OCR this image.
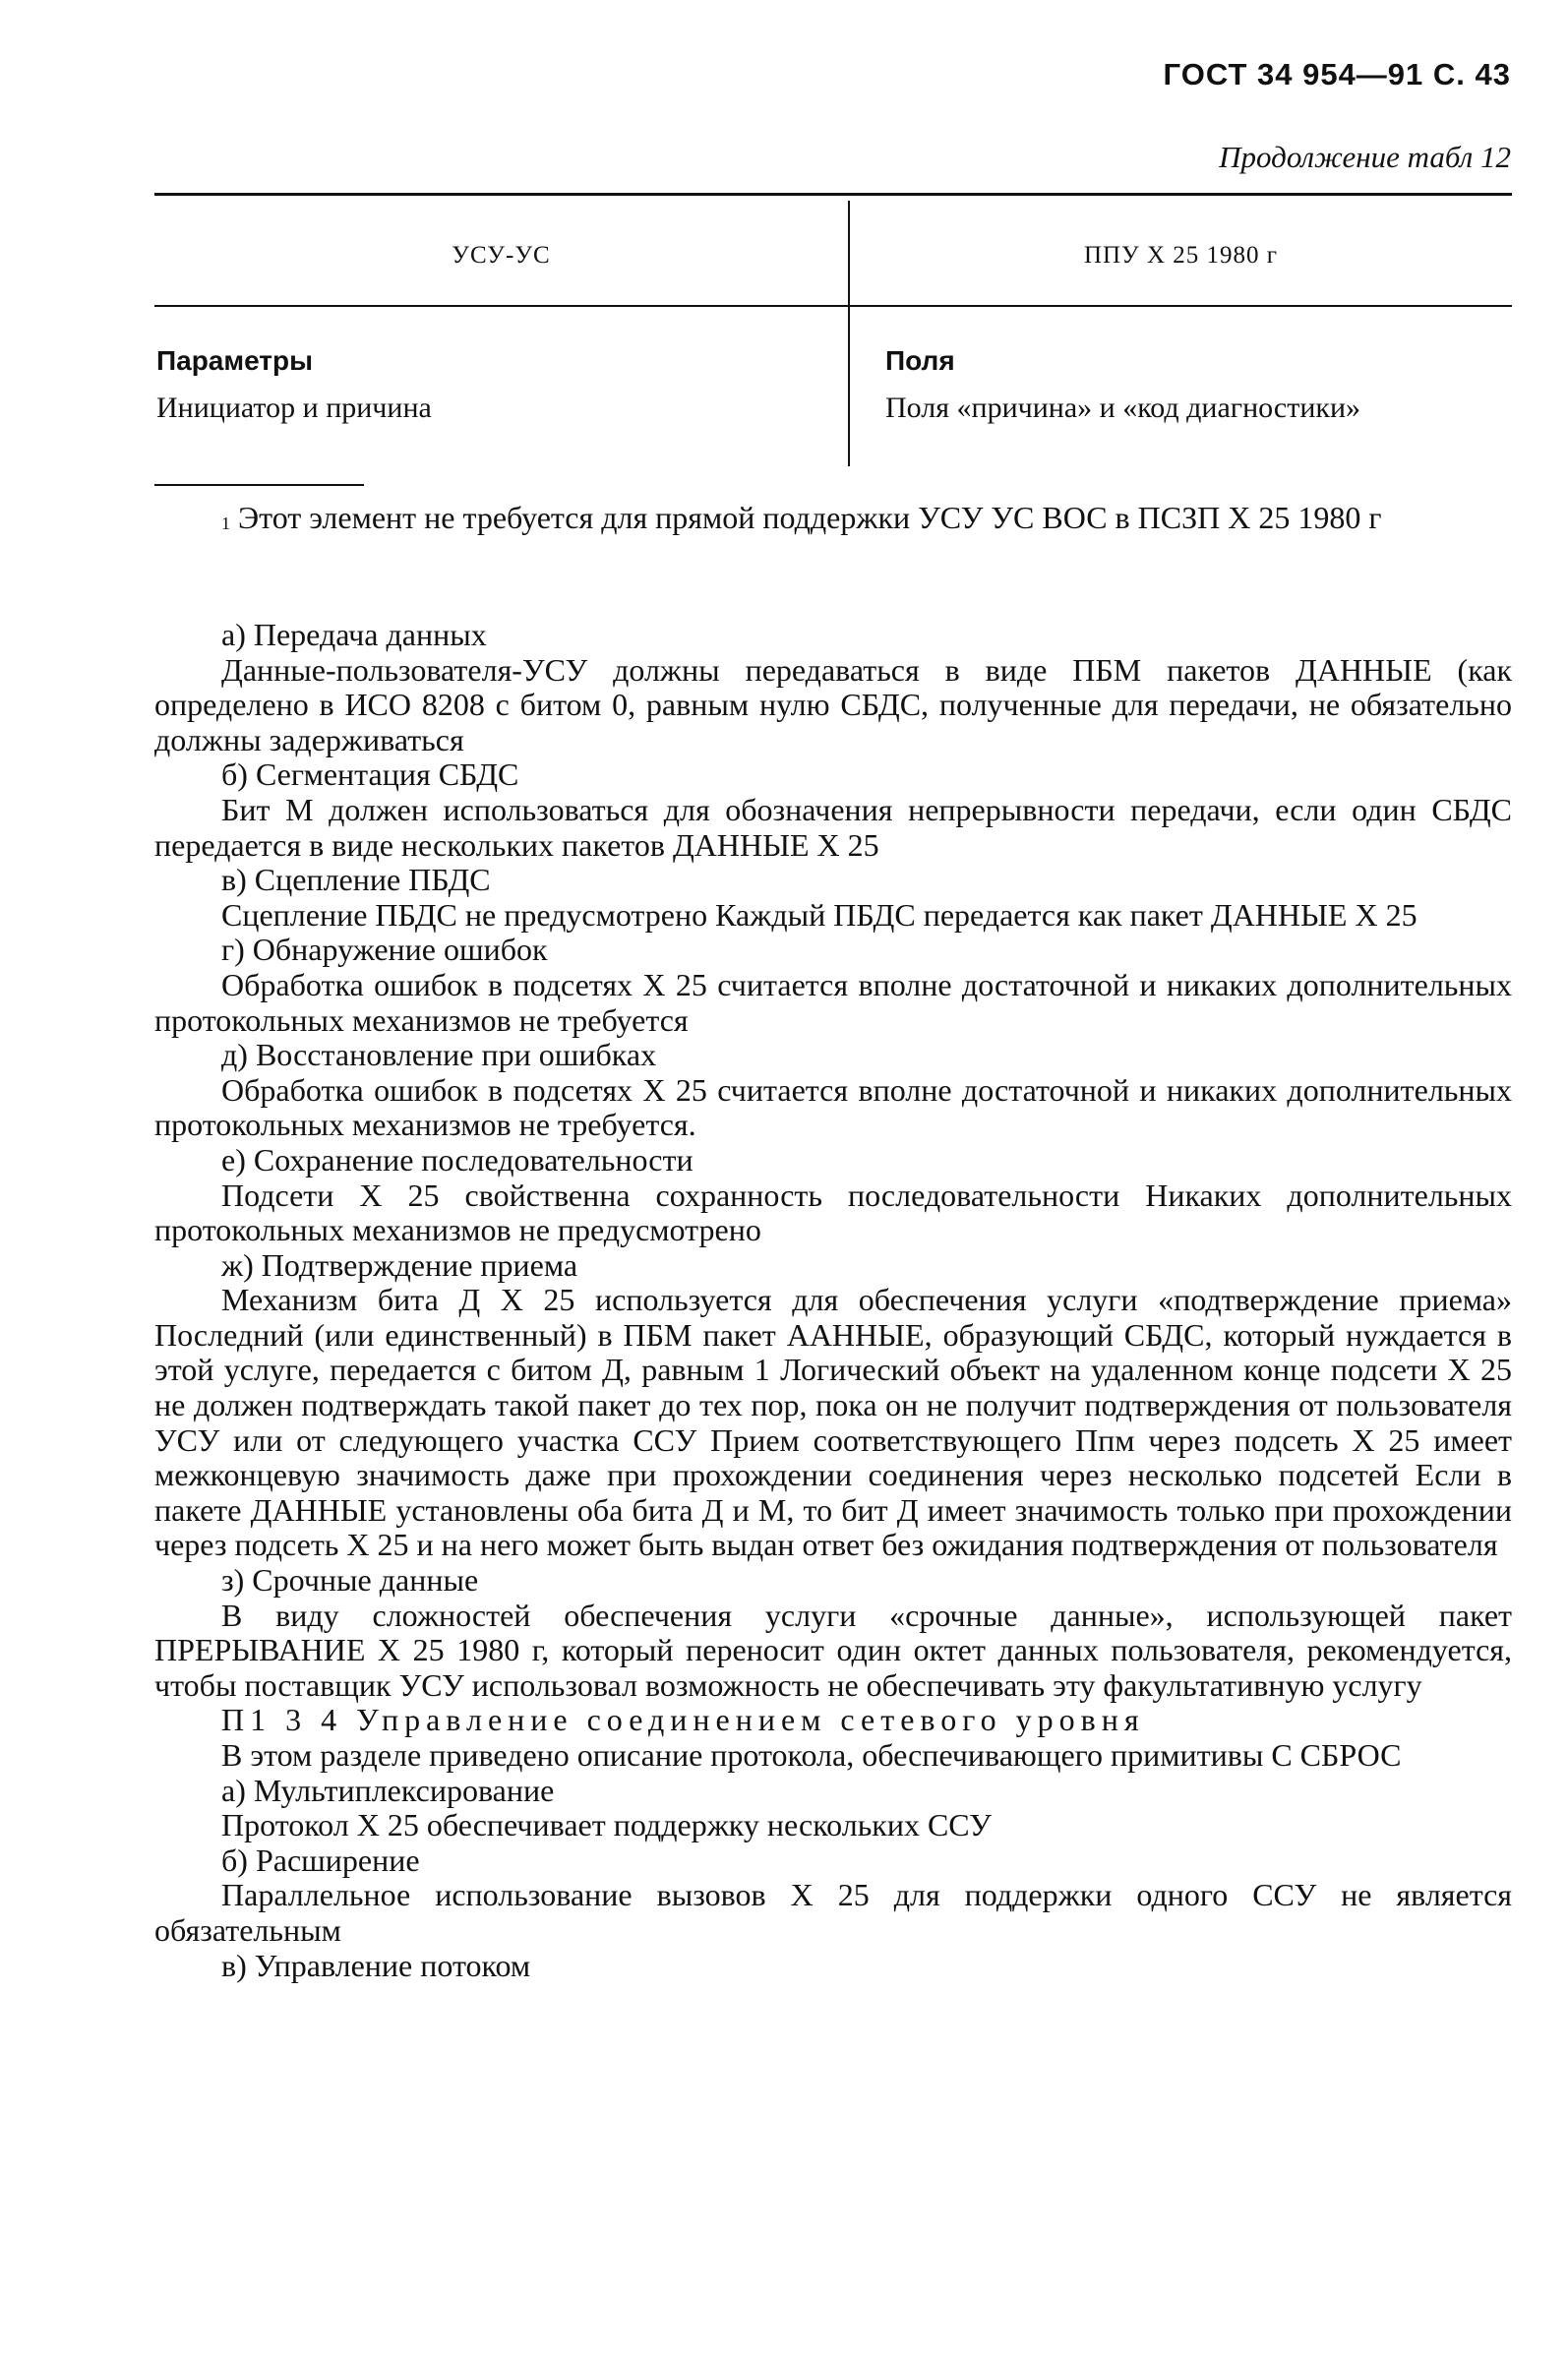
ГОСТ 34 954—91 С. 43
Продолжение табл 12
УСУ-УС	ППУ X 25 1980 г
Параметры
Инициатор и причина
Поля
Поля «причина» и «код диагностики»
$^1$ Этот элемент не требуется для прямой поддержки УСУ УС ВОС в ПСЗП X 25 1980 г

а) Передача данных

Данные-пользователя-УСУ должны передаваться в виде ПБМ пакетов ДАННЫЕ (как определено в ИСО 8208 с битом 0, равным нулю СБДС, полученные для передачи, не обязательно должны задерживаться

б) Сегментация СБДС

Бит М должен использоваться для обозначения непрерывности передачи, если один СБДС передается в виде нескольких пакетов ДАННЫЕ X 25

в) Сцепление ПБДС

Сцепление ПБДС не предусмотрено Каждый ПБДС передается как пакет ДАННЫЕ X 25

г) Обнаружение ошибок

Обработка ошибок в подсетях X 25 считается вполне достаточной и никаких дополнительных протокольных механизмов не требуется

д) Восстановление при ошибках

Обработка ошибок в подсетях X 25 считается вполне достаточной и никаких дополнительных протокольных механизмов не требуется.

е) Сохранение последовательности

Подсети X 25 свойственна сохранность последовательности Никаких дополнительных протокольных механизмов не предусмотрено

ж) Подтверждение приема

Механизм бита Д X 25 используется для обеспечения услуги «подтверждение приема» Последний (или единственный) в ПБМ пакет ААННЫЕ, образующий СБДС, который нуждается в этой услуге, передается с битом Д, равным 1 Логический объект на удаленном конце подсети X 25 не должен подтверждать такой пакет до тех пор, пока он не получит подтверждения от пользователя УСУ или от следующего участка ССУ Прием соответствующего Ппм через подсеть X 25 имеет межконцевую значимость даже при прохождении соединения через несколько подсетей Если в пакете ДАННЫЕ установлены оба бита Д и М, то бит Д имеет значимость только при прохождении через подсеть X 25 и на него может быть выдан ответ без ожидания подтверждения от пользователя

з) Срочные данные

В виду сложностей обеспечения услуги «срочные данные», использующей пакет ПРЕРЫВАНИЕ X 25 1980 г, который переносит один октет данных пользователя, рекомендуется, чтобы поставщик УСУ использовал возможность не обеспечивать эту факультативную услугу

П1 3 4 Управление соединением сетевого уровня

В этом разделе приведено описание протокола, обеспечивающего примитивы С СБРОС

а) Мультиплексирование

Протокол X 25 обеспечивает поддержку нескольких ССУ

б) Расширение

Параллельное использование вызовов X 25 для поддержки одного ССУ не является обязательным

в) Управление потоком
